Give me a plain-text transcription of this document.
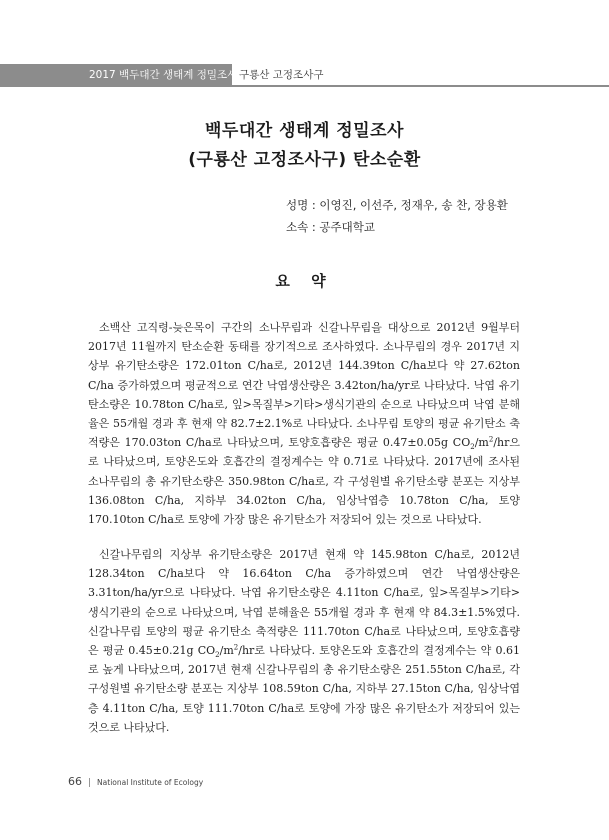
2017 백두대간 생태계 정밀조사 구룡산 고정조사구
백두대간 생태계 정밀조사
(구룡산 고정조사구) 탄소순환
성명 : 이영진, 이선주, 정재우, 송 찬, 장용환
소속 : 공주대학교
요 약

소백산 고직령-늦은목이 구간의 소나무림과 신갈나무림을 대상으로 2012년 9월부터 2017년 11월까지 탄소순환 동태를 장기적으로 조사하였다. 소나무림의 경우 2017년 지상부 유기탄소량은 172.01ton C/ha로, 2012년 144.39ton C/ha보다 약 27.62ton C/ha 증가하였으며 평균적으로 연간 낙엽생산량은 3.42ton/ha/yr로 나타났다. 낙엽 유기탄소량은 10.78ton C/ha로, 잎>목질부>기타>생식기관의 순으로 나타났으며 낙엽 분해율은 55개월 경과 후 현재 약 82.7±2.1%로 나타났다. 소나무림 토양의 평균 유기탄소 축적량은 170.03ton C/ha로 나타났으며, 토양호흡량은 평균 0.47±0.05g $CO_2/m^2/hr$으로 나타났으며, 토양온도와 호흡간의 결정계수는 약 0.71로 나타났다. 2017년에 조사된 소나무림의 총 유기탄소량은 350.98ton C/ha로, 각 구성원별 유기탄소량 분포는 지상부 136.08ton C/ha, 지하부 34.02ton C/ha, 임상낙엽층 10.78ton C/ha, 토양 170.10ton C/ha로 토양에 가장 많은 유기탄소가 저장되어 있는 것으로 나타났다.

신갈나무림의 지상부 유기탄소량은 2017년 현재 약 145.98ton C/ha로, 2012년 128.34ton C/ha보다 약 16.64ton C/ha 증가하였으며 연간 낙엽생산량은 3.31ton/ha/yr으로 나타났다. 낙엽 유기탄소량은 4.11ton C/ha로, 잎>목질부>기타>생식기관의 순으로 나타났으며, 낙엽 분해율은 55개월 경과 후 현재 약 84.3±1.5%였다. 신갈나무림 토양의 평균 유기탄소 축적량은 111.70ton C/ha로 나타났으며, 토양호흡량은 평균 0.45±0.21g $CO_2/m^2/hr$로 나타났다. 토양온도와 호흡간의 결정계수는 약 0.61로 높게 나타났으며, 2017년 현재 신갈나무림의 총 유기탄소량은 251.55ton C/ha로, 각 구성원별 유기탄소량 분포는 지상부 108.59ton C/ha, 지하부 27.15ton C/ha, 임상낙엽층 4.11ton C/ha, 토양 111.70ton C/ha로 토양에 가장 많은 유기탄소가 저장되어 있는 것으로 나타났다.

66 | National Institute of Ecology
